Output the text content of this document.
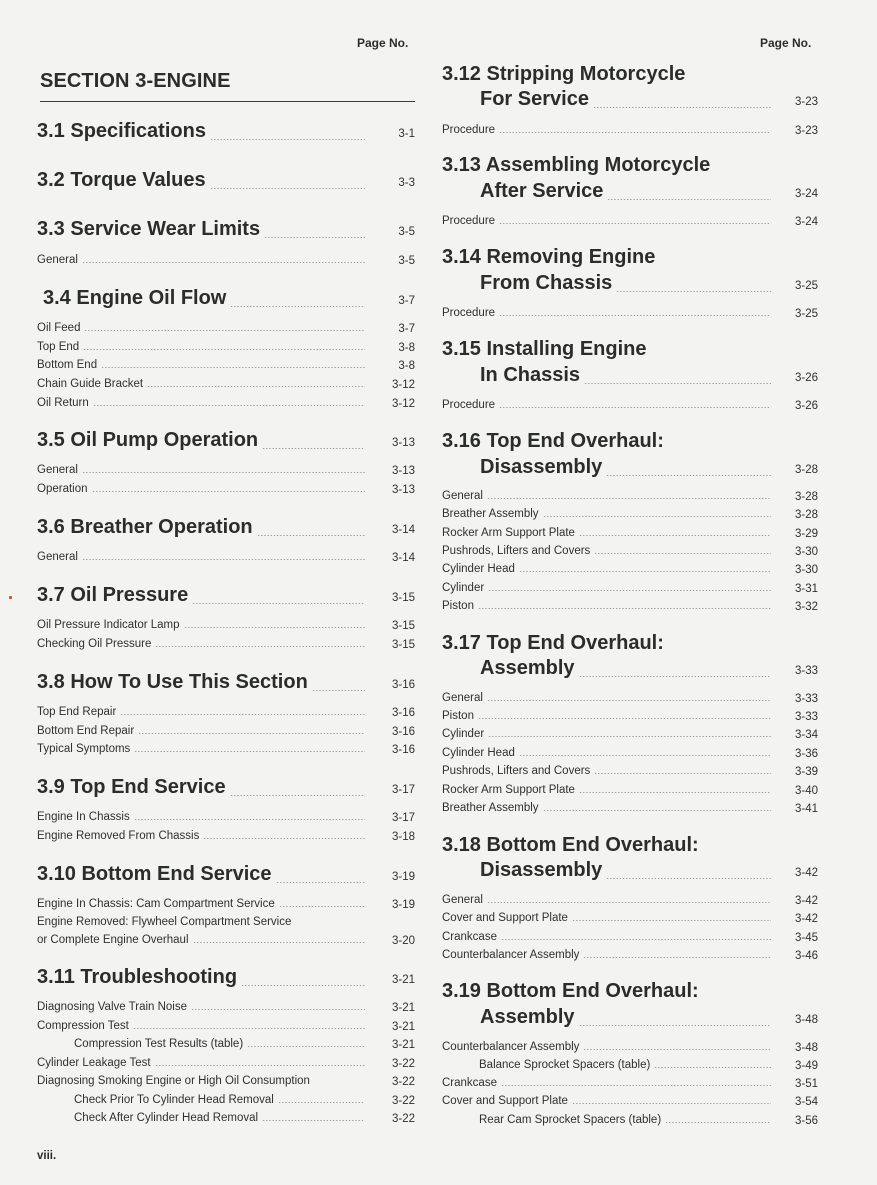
Page No.	Page No.
SECTION 3-ENGINE
3.1 Specifications	3-1
3.2 Torque Values	3-3
3.3 Service Wear Limits	3-5
General	3-5
3.4 Engine Oil Flow	3-7
Oil Feed	3-7
Top End	3-8
Bottom End	3-8
Chain Guide Bracket	3-12
Oil Return	3-12
3.5 Oil Pump Operation	3-13
General	3-13
Operation	3-13
3.6 Breather Operation	3-14
General	3-14
3.7 Oil Pressure	3-15
Oil Pressure Indicator Lamp	3-15
Checking Oil Pressure	3-15
3.8 How To Use This Section	3-16
Top End Repair	3-16
Bottom End Repair	3-16
Typical Symptoms	3-16
3.9 Top End Service	3-17
Engine In Chassis	3-17
Engine Removed From Chassis	3-18
3.10 Bottom End Service	3-19
Engine In Chassis: Cam Compartment Service	3-19
Engine Removed: Flywheel Compartment Service
or Complete Engine Overhaul	3-20
3.11 Troubleshooting	3-21
Diagnosing Valve Train Noise	3-21
Compression Test	3-21
Compression Test Results (table)	3-21
Cylinder Leakage Test	3-22
Diagnosing Smoking Engine or High Oil Consumption	3-22
Check Prior To Cylinder Head Removal	3-22
Check After Cylinder Head Removal	3-22
3.12 Stripping Motorcycle
For Service	3-23
Procedure	3-23
3.13 Assembling Motorcycle
After Service	3-24
Procedure	3-24
3.14 Removing Engine
From Chassis	3-25
Procedure	3-25
3.15 Installing Engine
In Chassis	3-26
Procedure	3-26
3.16 Top End Overhaul:
Disassembly	3-28
General	3-28
Breather Assembly	3-28
Rocker Arm Support Plate	3-29
Pushrods, Lifters and Covers	3-30
Cylinder Head	3-30
Cylinder	3-31
Piston	3-32
3.17 Top End Overhaul:
Assembly	3-33
General	3-33
Piston	3-33
Cylinder	3-34
Cylinder Head	3-36
Pushrods, Lifters and Covers	3-39
Rocker Arm Support Plate	3-40
Breather Assembly	3-41
3.18 Bottom End Overhaul:
Disassembly	3-42
General	3-42
Cover and Support Plate	3-42
Crankcase	3-45
Counterbalancer Assembly	3-46
3.19 Bottom End Overhaul:
Assembly	3-48
Counterbalancer Assembly	3-48
Balance Sprocket Spacers (table)	3-49
Crankcase	3-51
Cover and Support Plate	3-54
Rear Cam Sprocket Spacers (table)	3-56
viii.
